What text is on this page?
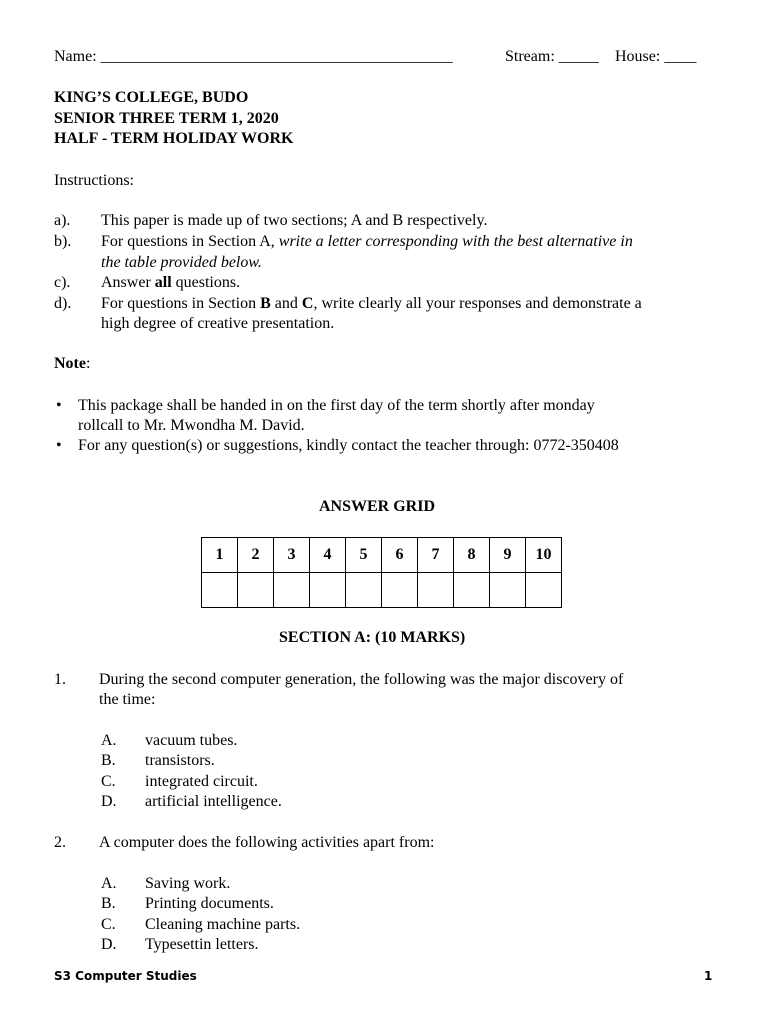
Name: ____________________________________________	Stream: _____ House: ____
KING’S COLLEGE, BUDO
SENIOR THREE TERM 1, 2020
HALF - TERM HOLIDAY WORK
Instructions:
a). This paper is made up of two sections; A and B respectively.
b). For questions in Section A, write a letter corresponding with the best alternative in
the table provided below.
c). Answer all questions.
d). For questions in Section B and C, write clearly all your responses and demonstrate a
high degree of creative presentation.
Note:
• This package shall be handed in on the first day of the term shortly after monday
rollcall to Mr. Mwondha M. David.
• For any question(s) or suggestions, kindly contact the teacher through: 0772-350408
ANSWER GRID
1	2	3	4	5	6	7	8	9	10

SECTION A: (10 MARKS)
1. During the second computer generation, the following was the major discovery of
the time:
A. vacuum tubes.
B. transistors.
C. integrated circuit.
D. artificial intelligence.
2. A computer does the following activities apart from:
A. Saving work.
B. Printing documents.
C. Cleaning machine parts.
D. Typesettin letters.
S3 Computer Studies	1
